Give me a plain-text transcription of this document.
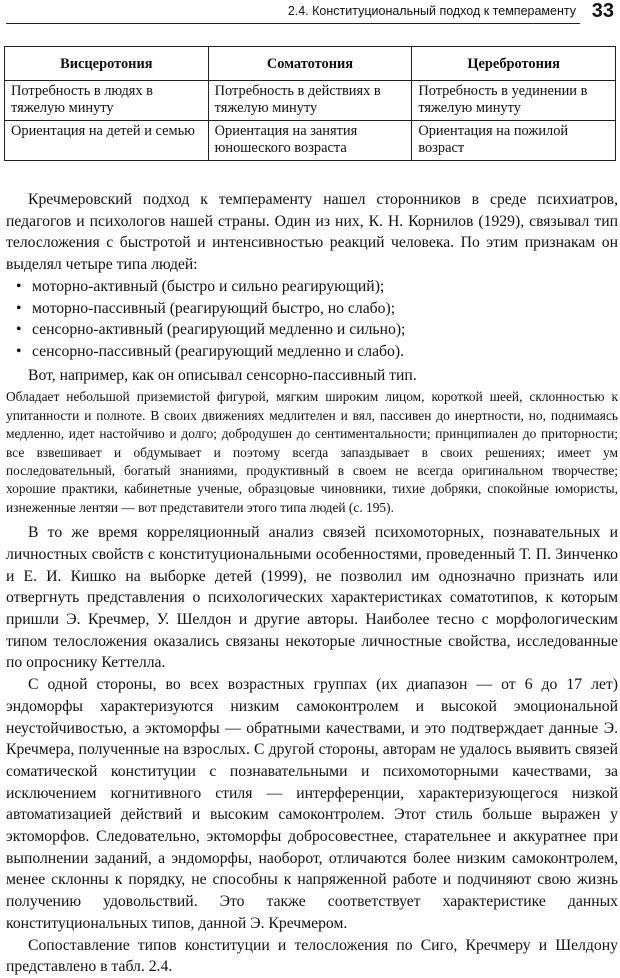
2.4. Конституциональный подход к темпераменту 33
Висцеротония	Соматотония	Церебротония
Потребность в людях в тяжелую минуту	Потребность в действиях в тяжелую минуту	Потребность в уединении в тяжелую минуту
Ориентация на детей и семью	Ориентация на занятия юношеского возраста	Ориентация на пожилой возраст

Кречмеровский подход к темпераменту нашел сторонников в среде психиатров, педагогов и психологов нашей страны. Один из них, К. Н. Корнилов (1929), связывал тип телосложения с быстротой и интенсивностью реакций человека. По этим признакам он выделял четыре типа людей:

• моторно-активный (быстро и сильно реагирующий);
• моторно-пассивный (реагирующий быстро, но слабо);
• сенсорно-активный (реагирующий медленно и сильно);
• сенсорно-пассивный (реагирующий медленно и слабо).

Вот, например, как он описывал сенсорно-пассивный тип.

Обладает небольшой приземистой фигурой, мягким широким лицом, короткой шеей, склонностью к упитанности и полноте. В своих движениях медлителен и вял, пассивен до инертности, но, поднимаясь медленно, идет настойчиво и долго; добродушен до сентиментальности; принципиален до приторности; все взвешивает и обдумывает и поэтому всегда запаздывает в своих решениях; имеет ум последовательный, богатый знаниями, продуктивный в своем не всегда оригинальном творчестве; хорошие практики, кабинетные ученые, образцовые чиновники, тихие добряки, спокойные юмористы, изнеженные лентяи — вот представители этого типа людей (с. 195).

В то же время корреляционный анализ связей психомоторных, познавательных и личностных свойств с конституциональными особенностями, проведенный Т. П. Зинченко и Е. И. Кишко на выборке детей (1999), не позволил им однозначно признать или отвергнуть представления о психологических характеристиках соматотипов, к которым пришли Э. Кречмер, У. Шелдон и другие авторы. Наиболее тесно с морфологическим типом телосложения оказались связаны некоторые личностные свойства, исследованные по опроснику Кеттелла.

С одной стороны, во всех возрастных группах (их диапазон — от 6 до 17 лет) эндоморфы характеризуются низким самоконтролем и высокой эмоциональной неустойчивостью, а эктоморфы — обратными качествами, и это подтверждает данные Э. Кречмера, полученные на взрослых. С другой стороны, авторам не удалось выявить связей соматической конституции с познавательными и психомоторными качествами, за исключением когнитивного стиля — интерференции, характеризующегося низкой автоматизацией действий и высоким самоконтролем. Этот стиль больше выражен у эктоморфов. Следовательно, эктоморфы добросовестнее, старательнее и аккуратнее при выполнении заданий, а эндоморфы, наоборот, отличаются более низким самоконтролем, менее склонны к порядку, не способны к напряженной работе и подчиняют свою жизнь получению удовольствий. Это также соответствует характеристике данных конституциональных типов, данной Э. Кречмером.

Сопоставление типов конституции и телосложения по Сиго, Кречмеру и Шелдону представлено в табл. 2.4.
